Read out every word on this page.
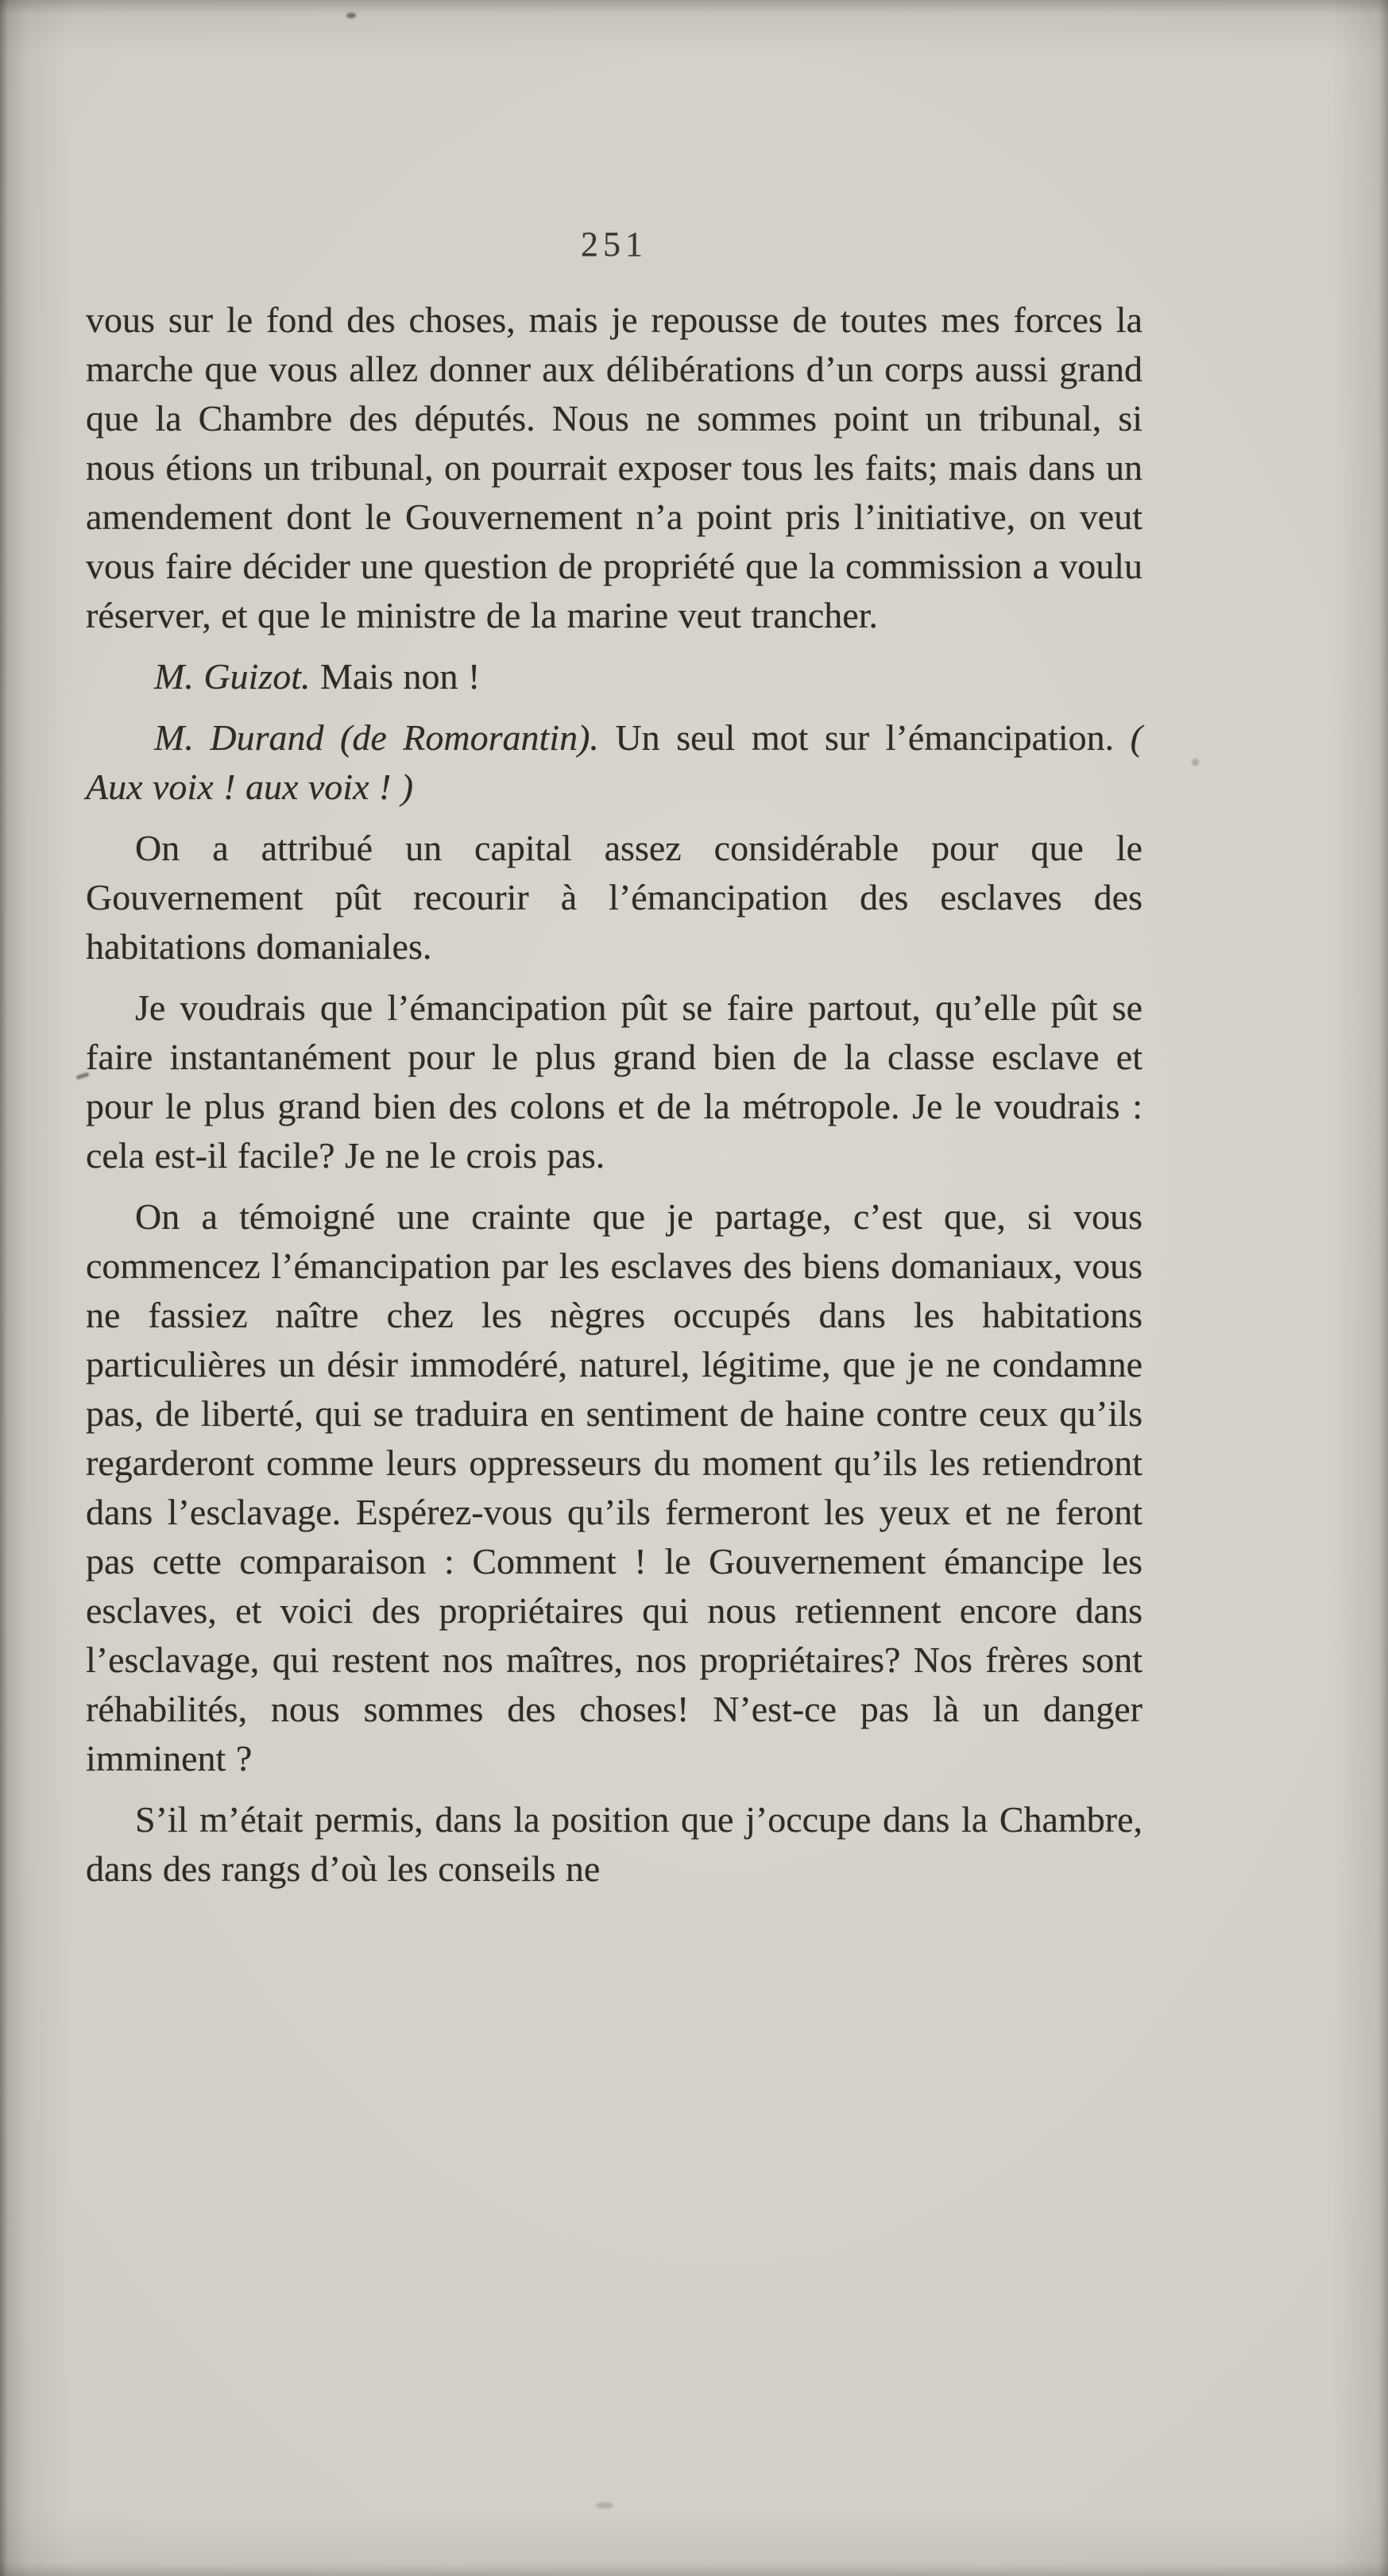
251

vous sur le fond des choses, mais je repousse de toutes mes forces la marche que vous allez donner aux délibérations d’un corps aussi grand que la Chambre des députés. Nous ne sommes point un tribunal, si nous étions un tribunal, on pourrait exposer tous les faits; mais dans un amendement dont le Gouvernement n’a point pris l’initiative, on veut vous faire décider une question de propriété que la commission a voulu réserver, et que le ministre de la marine veut trancher.

M. Guizot. Mais non !

M. Durand (de Romorantin). Un seul mot sur l’émancipation. ( Aux voix ! aux voix ! )

On a attribué un capital assez considérable pour que le Gouvernement pût recourir à l’émancipation des esclaves des habitations domaniales.

Je voudrais que l’émancipation pût se faire partout, qu’elle pût se faire instantanément pour le plus grand bien de la classe esclave et pour le plus grand bien des colons et de la métropole. Je le voudrais : cela est-il facile? Je ne le crois pas.

On a témoigné une crainte que je partage, c’est que, si vous commencez l’émancipation par les esclaves des biens domaniaux, vous ne fassiez naître chez les nègres occupés dans les habitations particulières un désir immodéré, naturel, légitime, que je ne condamne pas, de liberté, qui se traduira en sentiment de haine contre ceux qu’ils regarderont comme leurs oppresseurs du moment qu’ils les retiendront dans l’esclavage. Espérez-vous qu’ils fermeront les yeux et ne feront pas cette comparaison : Comment ! le Gouvernement émancipe les esclaves, et voici des propriétaires qui nous retiennent encore dans l’esclavage, qui restent nos maîtres, nos propriétaires? Nos frères sont réhabilités, nous sommes des choses! N’est-ce pas là un danger imminent ?

S’il m’était permis, dans la position que j’occupe dans la Chambre, dans des rangs d’où les conseils ne
